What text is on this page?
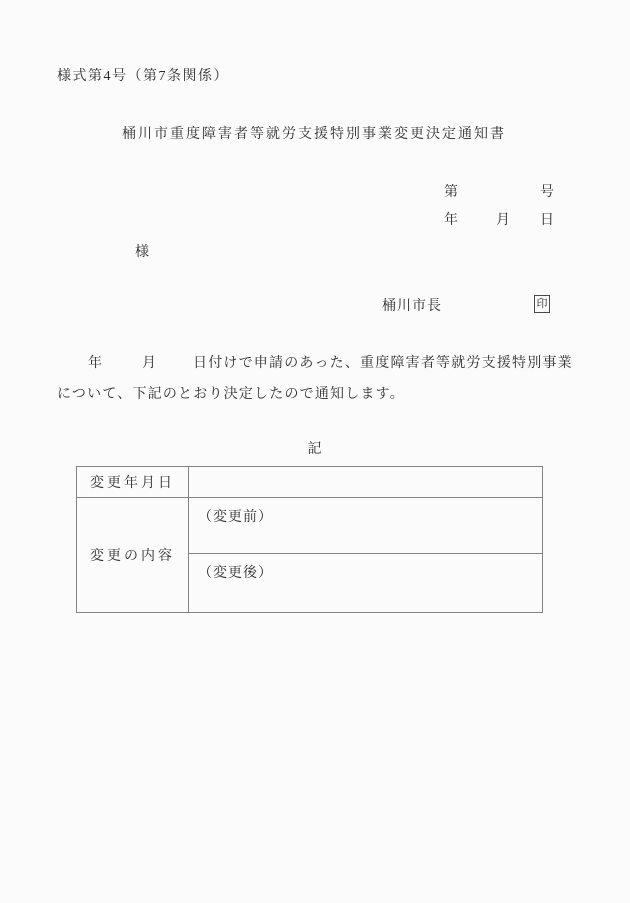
様式第4号（第7条関係）
桶川市重度障害者等就労支援特別事業変更決定通知書
第	号
年	月 日
様
桶川市長	印
年	月	日付けで申請のあった、重度障害者等就労支援特別事業
について、下記のとおり決定したので通知します。
記
変更年月日	
変更の内容	（変更前）
	（変更後）
